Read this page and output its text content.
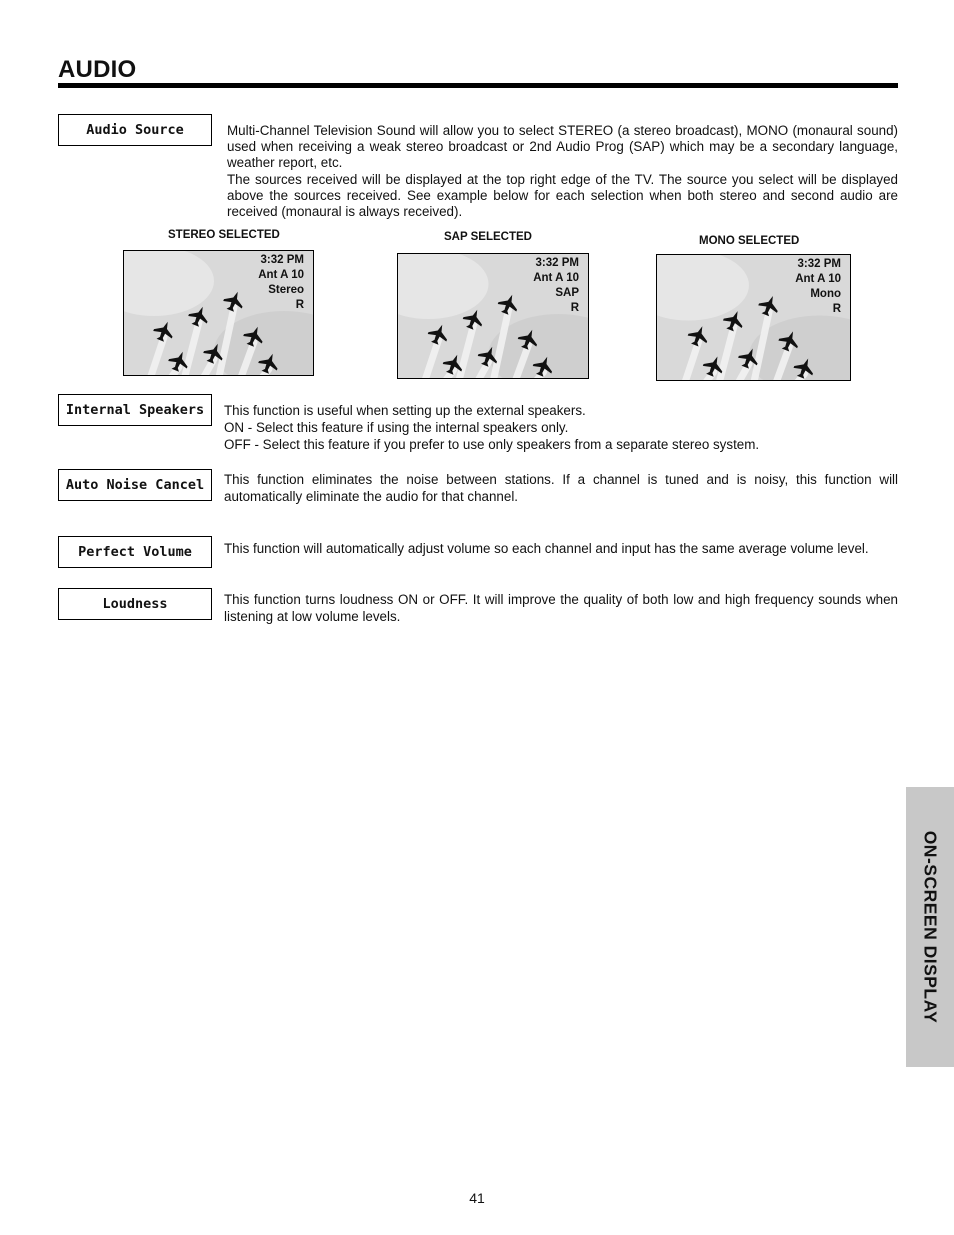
AUDIO
Audio Source	Multi-Channel Television Sound will allow you to select STEREO (a stereo broadcast), MONO (monaural sound) used when receiving a weak stereo broadcast or 2nd Audio Prog (SAP) which may be a secondary language, weather report, etc.

The sources received will be displayed at the top right edge of the TV. The source you select will be displayed above the sources received. See example below for each selection when both stereo and second audio are received (monaural is always received).

STEREO SELECTED	SAP SELECTED	MONO SELECTED
3:32 PM
Ant A 10
Stereo
R
3:32 PM
Ant A 10
SAP
R
3:32 PM
Ant A 10
Mono
R
Internal Speakers	This function is useful when setting up the external speakers.

ON - Select this feature if using the internal speakers only.

OFF - Select this feature if you prefer to use only speakers from a separate stereo system.

Auto Noise Cancel	This function eliminates the noise between stations. If a channel is tuned and is noisy, this function will automatically eliminate the audio for that channel.

Perfect Volume	This function will automatically adjust volume so each channel and input has the same average volume level.

Loudness	This function turns loudness ON or OFF. It will improve the quality of both low and high frequency sounds when listening at low volume levels.

ON-SCREEN DISPLAY
41
